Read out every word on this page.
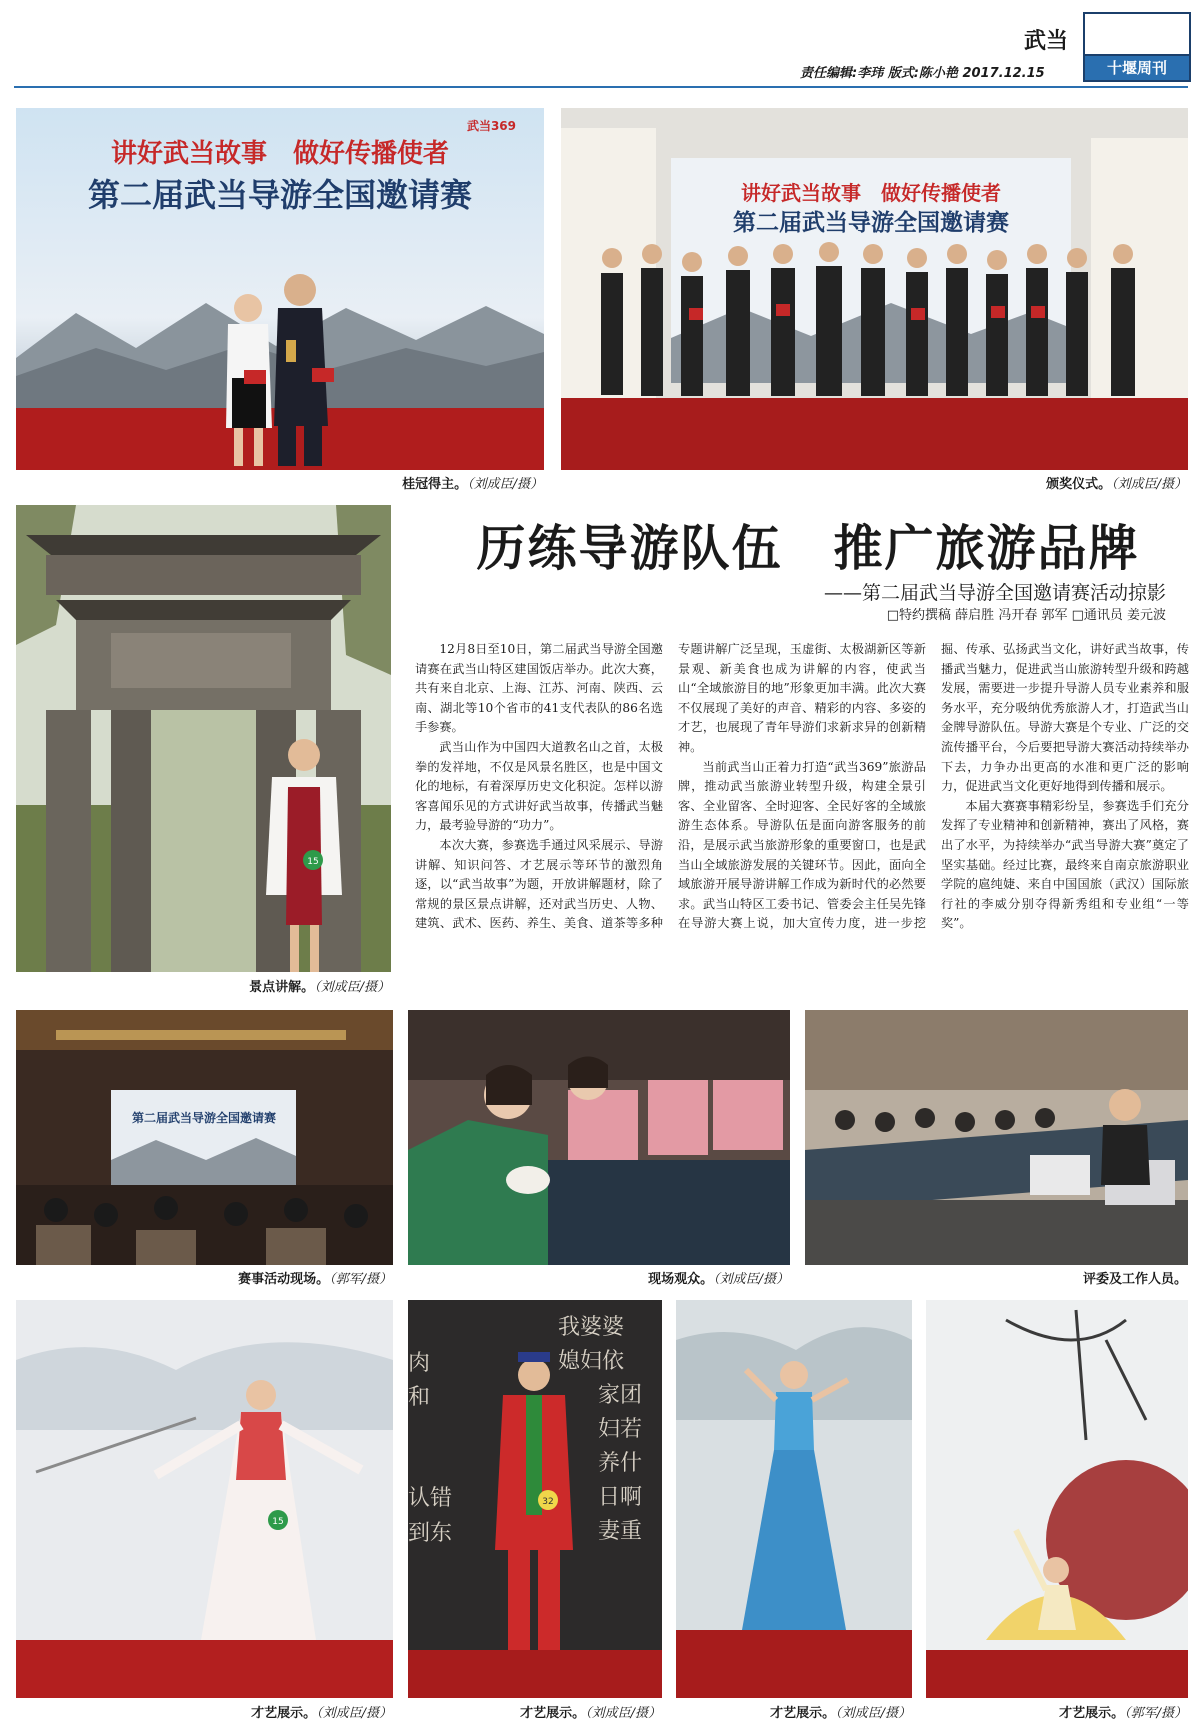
武当
责任编辑:李玮 版式:陈小艳 2017.12.15	十堰周刊
讲好武当故事　做好传播使者
第二届武当导游全国邀请赛
武当369
桂冠得主。（刘成臣/摄）
讲好武当故事　做好传播使者
第二届武当导游全国邀请赛
颁奖仪式。（刘成臣/摄）
15
景点讲解。（刘成臣/摄）
历练导游队伍　推广旅游品牌
——第二届武当导游全国邀请赛活动掠影
□特约撰稿 薛启胜 冯开春 郭军 □通讯员 姜元波

12月8日至10日，第二届武当导游全国邀请赛在武当山特区建国饭店举办。此次大赛，共有来自北京、上海、江苏、河南、陕西、云南、湖北等10个省市的41支代表队的86名选手参赛。

武当山作为中国四大道教名山之首，太极拳的发祥地，不仅是风景名胜区，也是中国文化的地标，有着深厚历史文化积淀。怎样以游客喜闻乐见的方式讲好武当故事，传播武当魅力，最考验导游的“功力”。

本次大赛，参赛选手通过风采展示、导游讲解、知识问答、才艺展示等环节的激烈角逐，以“武当故事”为题，开放讲解题材，除了常规的景区景点讲解，还对武当历史、人物、建筑、武术、医药、养生、美食、道茶等多种专题讲解广泛呈现，玉虚街、太极湖新区等新景观、新美食也成为讲解的内容，使武当山“全域旅游目的地”形象更加丰满。此次大赛不仅展现了美好的声音、精彩的内容、多姿的才艺，也展现了青年导游们求新求异的创新精神。

当前武当山正着力打造“武当369”旅游品牌，推动武当旅游业转型升级，构建全景引客、全业留客、全时迎客、全民好客的全域旅游生态体系。导游队伍是面向游客服务的前沿，是展示武当旅游形象的重要窗口，也是武当山全域旅游发展的关键环节。因此，面向全域旅游开展导游讲解工作成为新时代的必然要求。武当山特区工委书记、管委会主任吴先锋在导游大赛上说，加大宣传力度，进一步挖掘、传承、弘扬武当文化，讲好武当故事，传播武当魅力，促进武当山旅游转型升级和跨越发展，需要进一步提升导游人员专业素养和服务水平，充分吸纳优秀旅游人才，打造武当山金牌导游队伍。导游大赛是个专业、广泛的交流传播平台，今后要把导游大赛活动持续举办下去，力争办出更高的水准和更广泛的影响力，促进武当文化更好地得到传播和展示。

本届大赛赛事精彩纷呈，参赛选手们充分发挥了专业精神和创新精神，赛出了风格，赛出了水平，为持续举办“武当导游大赛”奠定了坚实基础。经过比赛，最终来自南京旅游职业学院的扈纯婕、来自中国国旅（武汉）国际旅行社的李威分别夺得新秀组和专业组“一等奖”。

第二届武当导游全国邀请赛
赛事活动现场。（郭军/摄）	现场观众。（刘成臣/摄）	评委及工作人员。
15
才艺展示。（刘成臣/摄）
我婆婆
媳妇依
家团
妇若
养什
日啊
妻重
肉
和
认错
到东
32
才艺展示。（刘成臣/摄）	才艺展示。（刘成臣/摄）	才艺展示。（郭军/摄）
